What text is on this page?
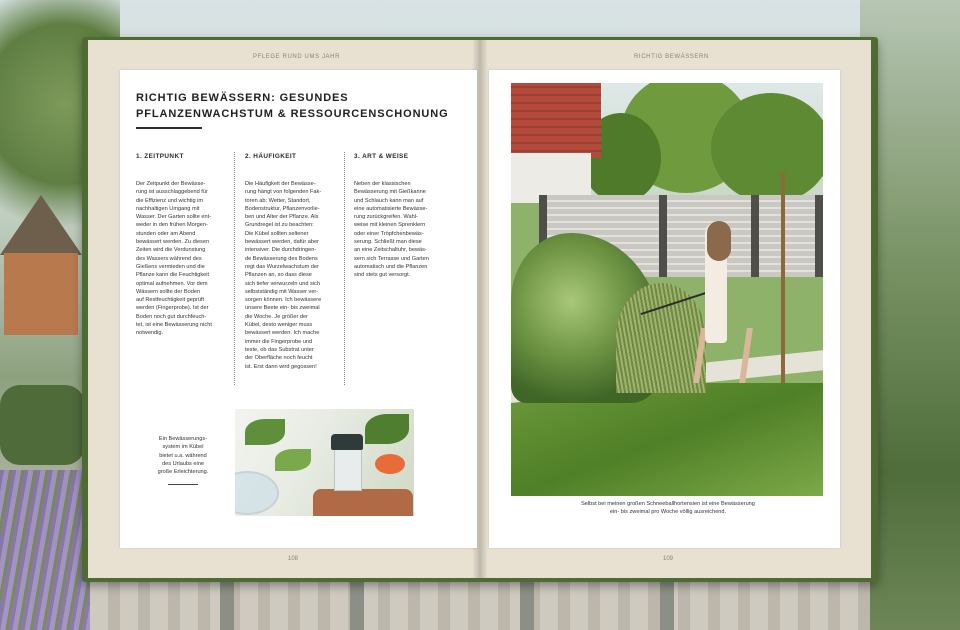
PFLEGE RUND UMS JAHR	RICHTIG BEWÄSSERN
RICHTIG BEWÄSSERN: GESUNDES PFLANZENWACHSTUM & RESSOURCENSCHONUNG
1. ZEITPUNKT
Der Zeitpunkt der Bewässe-
rung ist ausschlaggebend für
die Effizienz und wichtig im
nachhaltigen Umgang mit
Wasser. Der Garten sollte ent-
weder in den frühen Morgen-
stunden oder am Abend
bewässert werden. Zu diesen
Zeiten wird die Verdunstung
des Wassers während des
Gießens vermieden und die
Pflanze kann die Feuchtigkeit
optimal aufnehmen. Vor dem
Wässern sollte der Boden
auf Restfeuchtigkeit geprüft
werden (Fingerprobe). Ist der
Boden noch gut durchfeuch-
tet, ist eine Bewässerung nicht
notwendig.
2. HÄUFIGKEIT
Die Häufigkeit der Bewässe-
rung hängt von folgenden Fak-
toren ab: Wetter, Standort,
Bodenstruktur, Pflanzenvorlie-
ben und Alter der Pflanze. Als
Grundregel ist zu beachten:
Die Kübel sollten seltener
bewässert werden, dafür aber
intensiver. Die durchdringen-
de Bewässerung des Bodens
regt das Wurzelwachstum der
Pflanzen an, so dass diese
sich tiefer verwurzeln und sich
selbstständig mit Wasser ver-
sorgen können. Ich bewässere
unsere Beete ein- bis zweimal
die Woche. Je größer der
Kübel, desto weniger muss
bewässert werden. Ich mache
immer die Fingerprobe und
teste, ob das Substrat unter
der Oberfläche noch feucht
ist. Erst dann wird gegossen!
3. ART & WEISE
Neben der klassischen
Bewässerung mit Gießkanne
und Schlauch kann man auf
eine automatisierte Bewässe-
rung zurückgreifen. Wahl-
weise mit kleinen Sprenklern
oder einer Tröpfchenbewäs-
serung. Schließt man diese
an eine Zeitschaltuhr, bewäs-
sern sich Terrasse und Garten
automatisch und die Pflanzen
sind stets gut versorgt.
Ein Bewässerungs-
system im Kübel
bietet u.a. während
des Urlaubs eine
große Erleichterung.
Selbst bei meinen großen Schneeballhortensien ist eine Bewässerung
ein- bis zweimal pro Woche völlig ausreichend.
108	109
